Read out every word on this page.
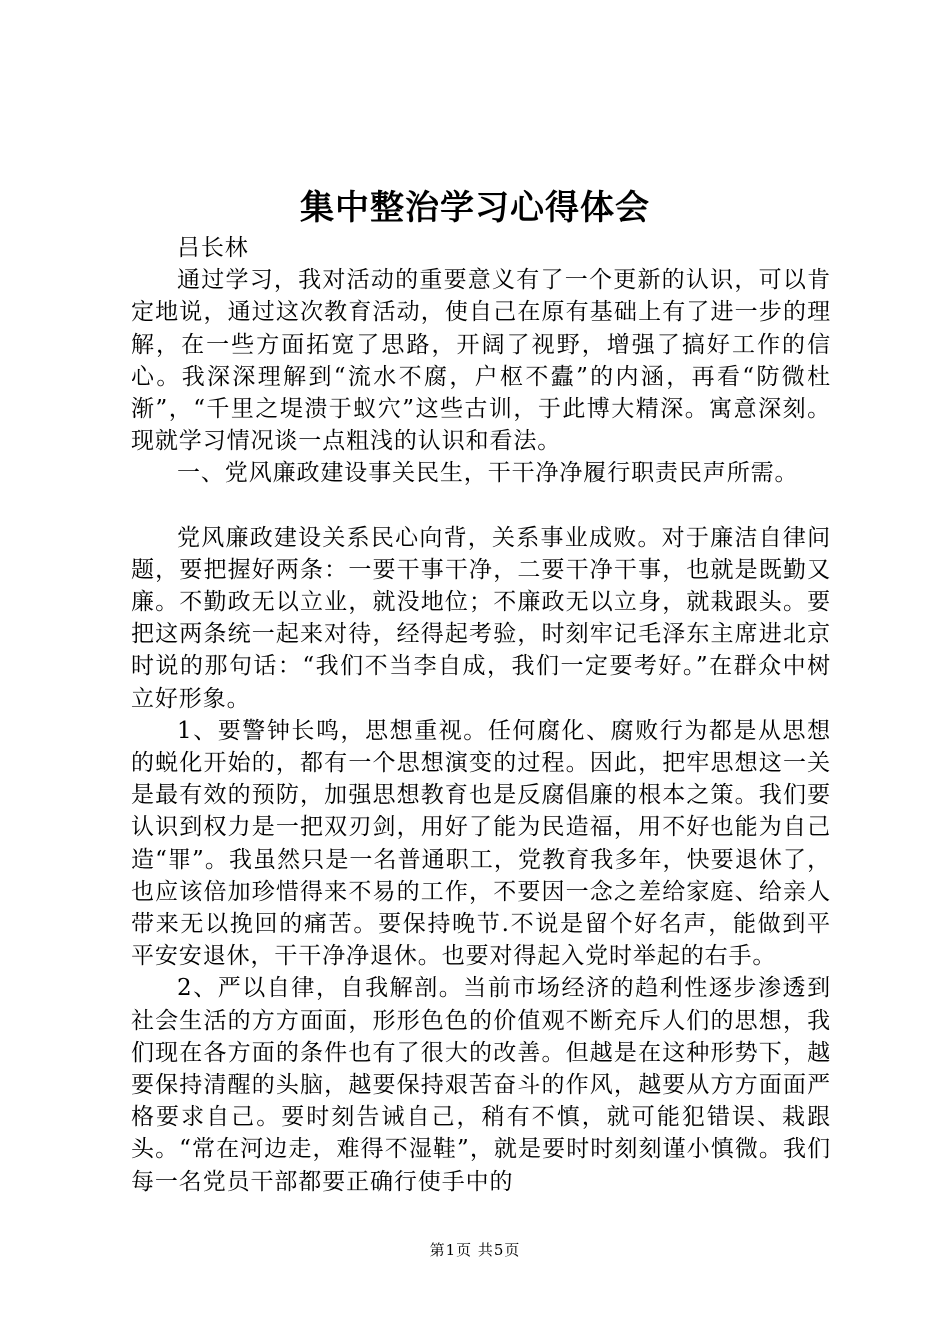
集中整治学习心得体会

吕长林

通过学习，我对活动的重要意义有了一个更新的认识，可以肯定地说，通过这次教育活动，使自己在原有基础上有了进一步的理解，在一些方面拓宽了思路，开阔了视野，增强了搞好工作的信心。我深深理解到“流水不腐，户枢不蠹”的内涵，再看“防微杜渐”，“千里之堤溃于蚁穴”这些古训，于此博大精深。寓意深刻。现就学习情况谈一点粗浅的认识和看法。

一、党风廉政建设事关民生，干干净净履行职责民声所需。

党风廉政建设关系民心向背，关系事业成败。对于廉洁自律问题，要把握好两条：一要干事干净，二要干净干事，也就是既勤又廉。不勤政无以立业，就没地位；不廉政无以立身，就栽跟头。要把这两条统一起来对待，经得起考验，时刻牢记毛泽东主席进北京时说的那句话：“我们不当李自成，我们一定要考好。”在群众中树立好形象。

1、要警钟长鸣，思想重视。任何腐化、腐败行为都是从思想的蜕化开始的，都有一个思想演变的过程。因此，把牢思想这一关是最有效的预防，加强思想教育也是反腐倡廉的根本之策。我们要认识到权力是一把双刃剑，用好了能为民造福，用不好也能为自己造“罪”。我虽然只是一名普通职工，党教育我多年，快要退休了，也应该倍加珍惜得来不易的工作，不要因一念之差给家庭、给亲人带来无以挽回的痛苦。要保持晚节.不说是留个好名声，能做到平平安安退休，干干净净退休。也要对得起入党时举起的右手。

2、严以自律，自我解剖。当前市场经济的趋利性逐步渗透到社会生活的方方面面，形形色色的价值观不断充斥人们的思想，我们现在各方面的条件也有了很大的改善。但越是在这种形势下，越要保持清醒的头脑，越要保持艰苦奋斗的作风，越要从方方面面严格要求自己。要时刻告诫自己，稍有不慎，就可能犯错误、栽跟头。“常在河边走，难得不湿鞋”，就是要时时刻刻谨小慎微。我们每一名党员干部都要正确行使手中的

第1页 共5页
